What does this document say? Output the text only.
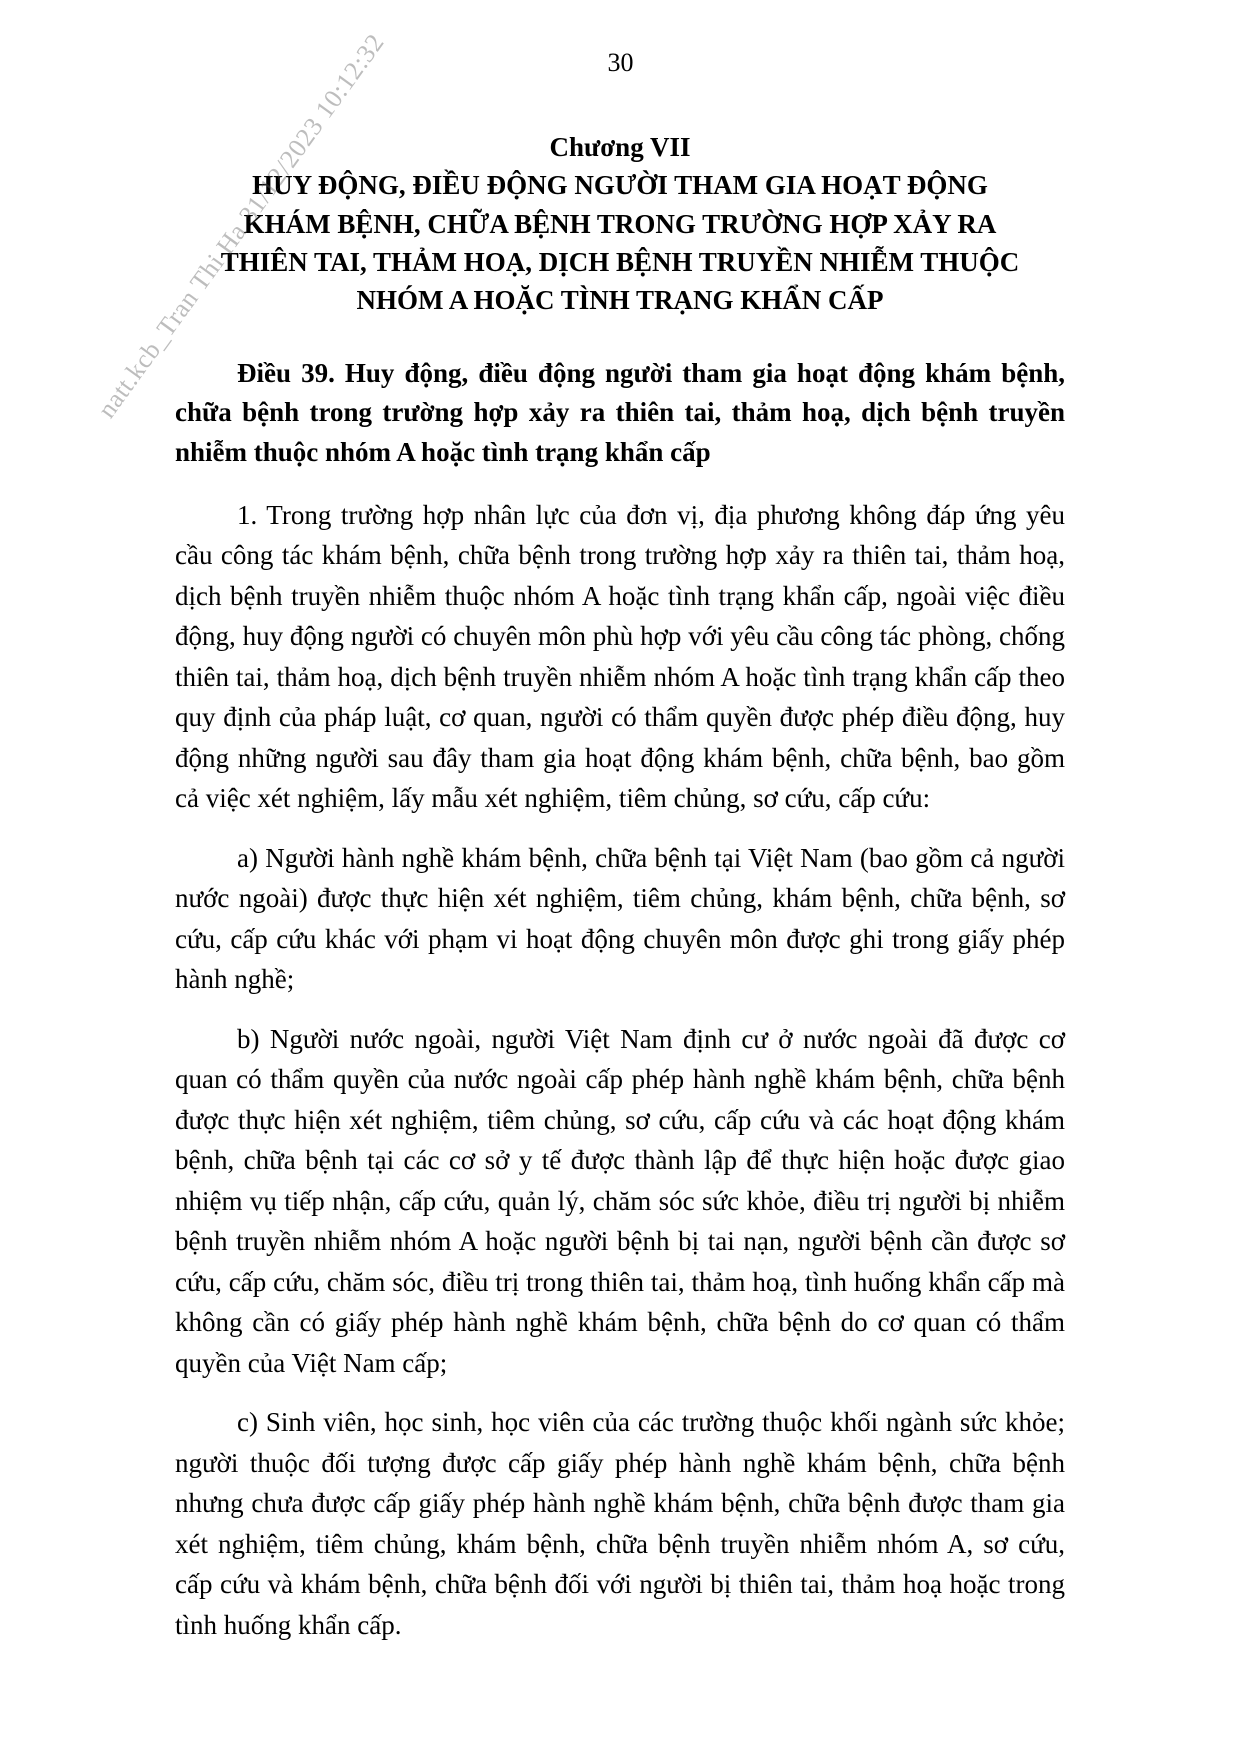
natt.kcb_Tran Thi Ha 31/12/2023 10:12:32	30
Chương VII
HUY ĐỘNG, ĐIỀU ĐỘNG NGƯỜI THAM GIA HOẠT ĐỘNG
KHÁM BỆNH, CHỮA BỆNH TRONG TRƯỜNG HỢP XẢY RA
THIÊN TAI, THẢM HOẠ, DỊCH BỆNH TRUYỀN NHIỄM THUỘC
NHÓM A HOẶC TÌNH TRẠNG KHẨN CẤP
Điều 39. Huy động, điều động người tham gia hoạt động khám bệnh, chữa bệnh trong trường hợp xảy ra thiên tai, thảm hoạ, dịch bệnh truyền nhiễm thuộc nhóm A hoặc tình trạng khẩn cấp

1. Trong trường hợp nhân lực của đơn vị, địa phương không đáp ứng yêu cầu công tác khám bệnh, chữa bệnh trong trường hợp xảy ra thiên tai, thảm hoạ, dịch bệnh truyền nhiễm thuộc nhóm A hoặc tình trạng khẩn cấp, ngoài việc điều động, huy động người có chuyên môn phù hợp với yêu cầu công tác phòng, chống thiên tai, thảm hoạ, dịch bệnh truyền nhiễm nhóm A hoặc tình trạng khẩn cấp theo quy định của pháp luật, cơ quan, người có thẩm quyền được phép điều động, huy động những người sau đây tham gia hoạt động khám bệnh, chữa bệnh, bao gồm cả việc xét nghiệm, lấy mẫu xét nghiệm, tiêm chủng, sơ cứu, cấp cứu:

a) Người hành nghề khám bệnh, chữa bệnh tại Việt Nam (bao gồm cả người nước ngoài) được thực hiện xét nghiệm, tiêm chủng, khám bệnh, chữa bệnh, sơ cứu, cấp cứu khác với phạm vi hoạt động chuyên môn được ghi trong giấy phép hành nghề;

b) Người nước ngoài, người Việt Nam định cư ở nước ngoài đã được cơ quan có thẩm quyền của nước ngoài cấp phép hành nghề khám bệnh, chữa bệnh được thực hiện xét nghiệm, tiêm chủng, sơ cứu, cấp cứu và các hoạt động khám bệnh, chữa bệnh tại các cơ sở y tế được thành lập để thực hiện hoặc được giao nhiệm vụ tiếp nhận, cấp cứu, quản lý, chăm sóc sức khỏe, điều trị người bị nhiễm bệnh truyền nhiễm nhóm A hoặc người bệnh bị tai nạn, người bệnh cần được sơ cứu, cấp cứu, chăm sóc, điều trị trong thiên tai, thảm hoạ, tình huống khẩn cấp mà không cần có giấy phép hành nghề khám bệnh, chữa bệnh do cơ quan có thẩm quyền của Việt Nam cấp;

c) Sinh viên, học sinh, học viên của các trường thuộc khối ngành sức khỏe; người thuộc đối tượng được cấp giấy phép hành nghề khám bệnh, chữa bệnh nhưng chưa được cấp giấy phép hành nghề khám bệnh, chữa bệnh được tham gia xét nghiệm, tiêm chủng, khám bệnh, chữa bệnh truyền nhiễm nhóm A, sơ cứu, cấp cứu và khám bệnh, chữa bệnh đối với người bị thiên tai, thảm hoạ hoặc trong tình huống khẩn cấp.
